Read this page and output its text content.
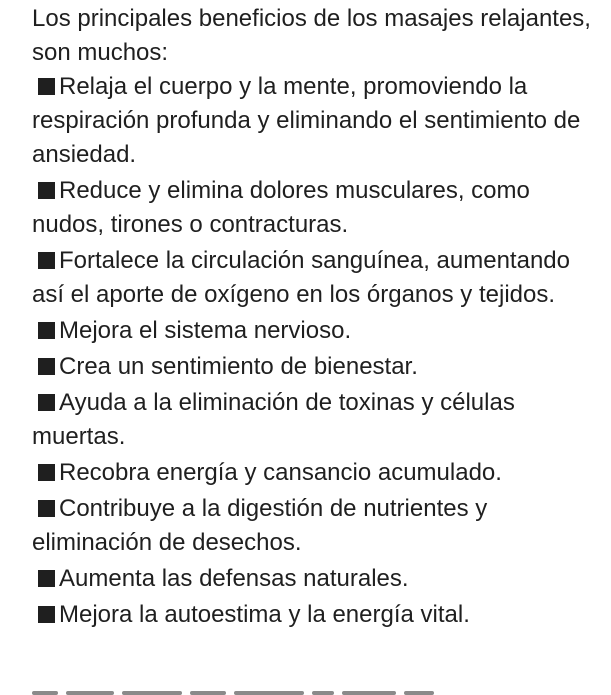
Los principales beneficios de los masajes relajantes, son muchos:

Relaja el cuerpo y la mente, promoviendo la respiración profunda y eliminando el sentimiento de ansiedad.
Reduce y elimina dolores musculares, como nudos, tirones o contracturas.
Fortalece la circulación sanguínea, aumentando así el aporte de oxígeno en los órganos y tejidos.
Mejora el sistema nervioso.
Crea un sentimiento de bienestar.
Ayuda a la eliminación de toxinas y células muertas.
Recobra energía y cansancio acumulado.
Contribuye a la digestión de nutrientes y eliminación de desechos.
Aumenta las defensas naturales.
Mejora la autoestima y la energía vital.
